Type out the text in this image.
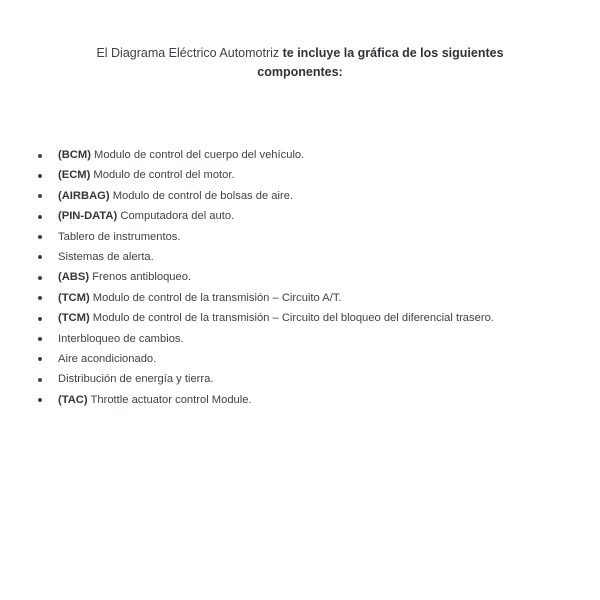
El Diagrama Eléctrico Automotriz te incluye la gráfica de los siguientes componentes:
(BCM) Modulo de control del cuerpo del vehículo.
(ECM) Modulo de control del motor.
(AIRBAG) Modulo de control de bolsas de aire.
(PIN-DATA) Computadora del auto.
Tablero de instrumentos.
Sistemas de alerta.
(ABS) Frenos antibloqueo.
(TCM) Modulo de control de la transmisión – Circuito A/T.
(TCM) Modulo de control de la transmisión – Circuito del bloqueo del diferencial trasero.
Interbloqueo de cambios.
Aire acondicionado.
Distribución de energía y tierra.
(TAC) Throttle actuator control Module.
